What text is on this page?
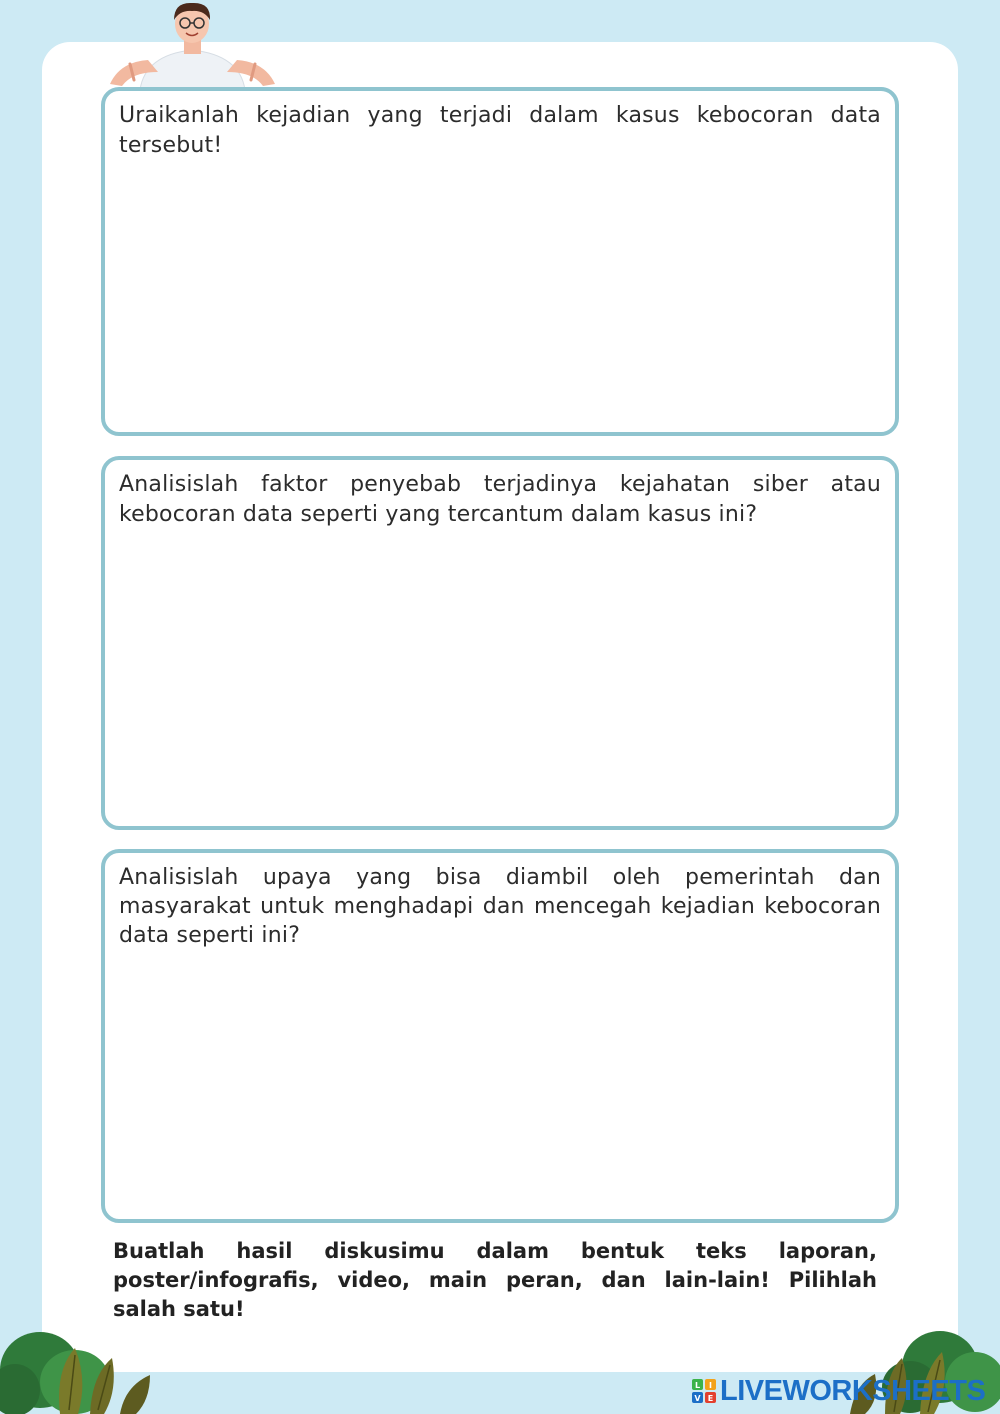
Uraikanlah kejadian yang terjadi dalam kasus kebocoran data tersebut!

Analisislah faktor penyebab terjadinya kejahatan siber atau kebocoran data seperti yang tercantum dalam kasus ini?

Analisislah upaya yang bisa diambil oleh pemerintah dan masyarakat untuk menghadapi dan mencegah kejadian kebocoran data seperti ini?

Buatlah hasil diskusimu dalam bentuk teks laporan, poster/infografis, video, main peran, dan lain-lain! Pilihlah salah satu!

L I
V E LIVEWORKSHEETS
